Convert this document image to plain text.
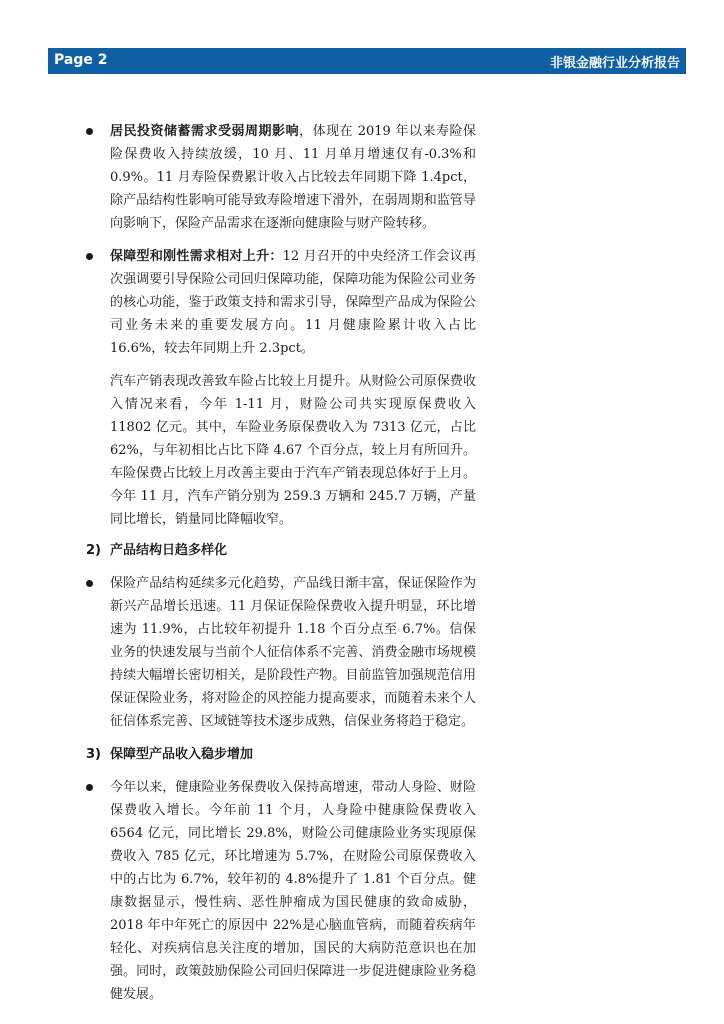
Page 2	非银金融行业分析报告
居民投资储蓄需求受弱周期影响，体现在 2019 年以来寿险保险保费收入持续放缓，10 月、11 月单月增速仅有-0.3%和 0.9%。11 月寿险保费累计收入占比较去年同期下降 1.4pct，除产品结构性影响可能导致寿险增速下滑外，在弱周期和监管导向影响下，保险产品需求在逐渐向健康险与财产险转移。
保障型和刚性需求相对上升：12 月召开的中央经济工作会议再次强调要引导保险公司回归保障功能，保障功能为保险公司业务的核心功能，鉴于政策支持和需求引导，保障型产品成为保险公司业务未来的重要发展方向。11 月健康险累计收入占比 16.6%，较去年同期上升 2.3pct。
汽车产销表现改善致车险占比较上月提升。从财险公司原保费收入情况来看，今年 1-11 月，财险公司共实现原保费收入 11802 亿元。其中，车险业务原保费收入为 7313 亿元，占比 62%，与年初相比占比下降 4.67 个百分点，较上月有所回升。车险保费占比较上月改善主要由于汽车产销表现总体好于上月。今年 11 月，汽车产销分别为 259.3 万辆和 245.7 万辆，产量同比增长，销量同比降幅收窄。
2) 产品结构日趋多样化
保险产品结构延续多元化趋势，产品线日渐丰富，保证保险作为新兴产品增长迅速。11 月保证保险保费收入提升明显，环比增速为 11.9%，占比较年初提升 1.18 个百分点至 6.7%。信保业务的快速发展与当前个人征信体系不完善、消费金融市场规模持续大幅增长密切相关，是阶段性产物。目前监管加强规范信用保证保险业务，将对险企的风控能力提高要求，而随着未来个人征信体系完善、区域链等技术逐步成熟，信保业务将趋于稳定。
3) 保障型产品收入稳步增加
今年以来，健康险业务保费收入保持高增速，带动人身险、财险保费收入增长。今年前 11 个月，人身险中健康险保费收入 6564 亿元，同比增长 29.8%，财险公司健康险业务实现原保费收入 785 亿元，环比增速为 5.7%，在财险公司原保费收入中的占比为 6.7%，较年初的 4.8%提升了 1.81 个百分点。健康数据显示，慢性病、恶性肿瘤成为国民健康的致命威胁，2018 年中年死亡的原因中 22%是心脑血管病，而随着疾病年轻化、对疾病信息关注度的增加，国民的大病防范意识也在加强。同时，政策鼓励保险公司回归保障进一步促进健康险业务稳健发展。
